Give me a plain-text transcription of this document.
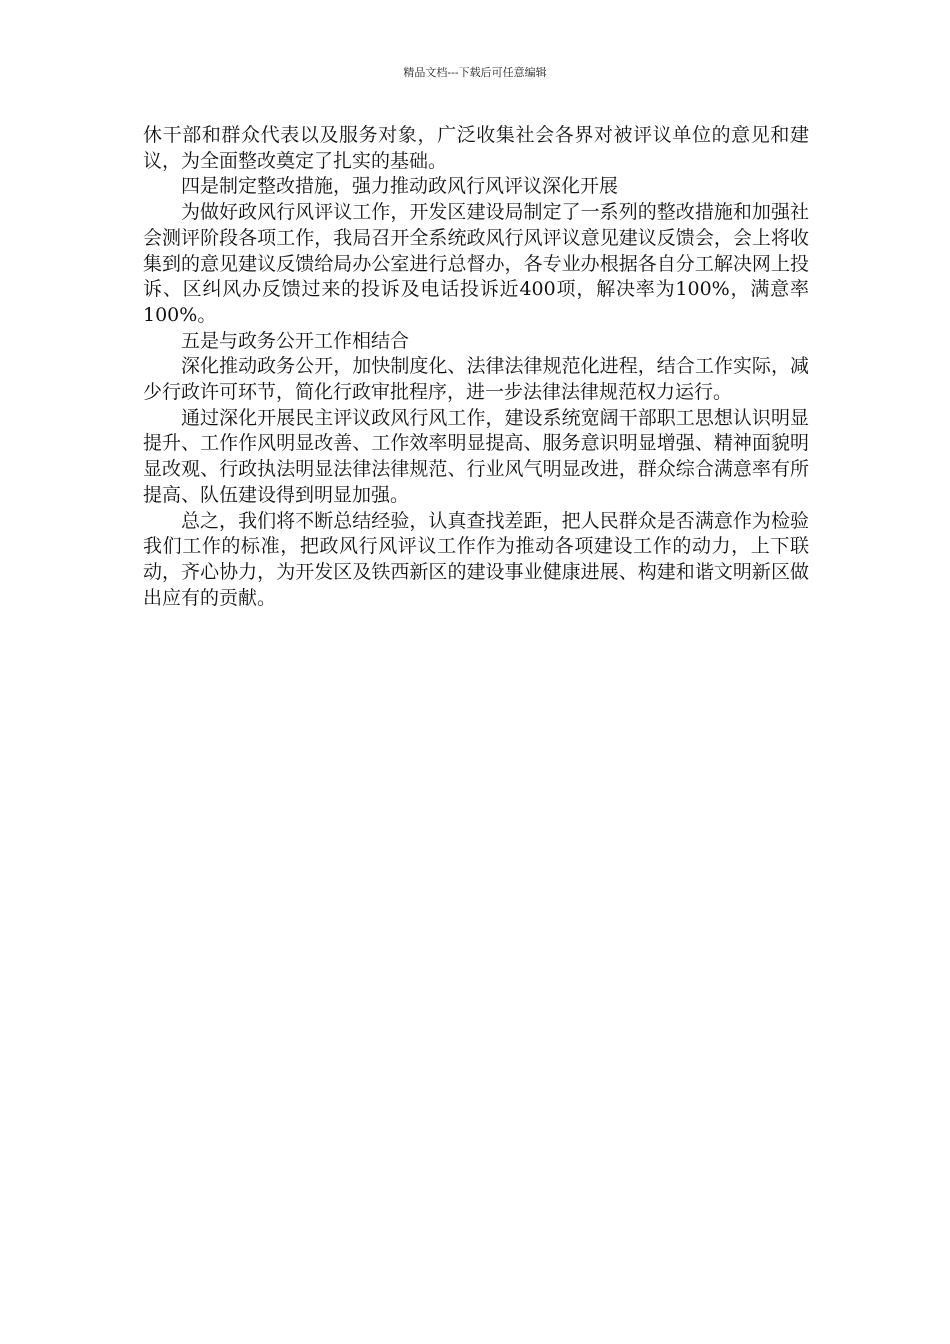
精品文档---下载后可任意编辑

休干部和群众代表以及服务对象，广泛收集社会各界对被评议单位的意见和建议，为全面整改奠定了扎实的基础。

四是制定整改措施，强力推动政风行风评议深化开展

为做好政风行风评议工作，开发区建设局制定了一系列的整改措施和加强社会测评阶段各项工作，我局召开全系统政风行风评议意见建议反馈会，会上将收集到的意见建议反馈给局办公室进行总督办，各专业办根据各自分工解决网上投诉、区纠风办反馈过来的投诉及电话投诉近400项，解决率为100%，满意率100%。

五是与政务公开工作相结合

深化推动政务公开，加快制度化、法律法律规范化进程，结合工作实际，减少行政许可环节，简化行政审批程序，进一步法律法律规范权力运行。

通过深化开展民主评议政风行风工作，建设系统宽阔干部职工思想认识明显提升、工作作风明显改善、工作效率明显提高、服务意识明显增强、精神面貌明显改观、行政执法明显法律法律规范、行业风气明显改进，群众综合满意率有所提高、队伍建设得到明显加强。

总之，我们将不断总结经验，认真查找差距，把人民群众是否满意作为检验我们工作的标准，把政风行风评议工作作为推动各项建设工作的动力，上下联动，齐心协力，为开发区及铁西新区的建设事业健康进展、构建和谐文明新区做出应有的贡献。
